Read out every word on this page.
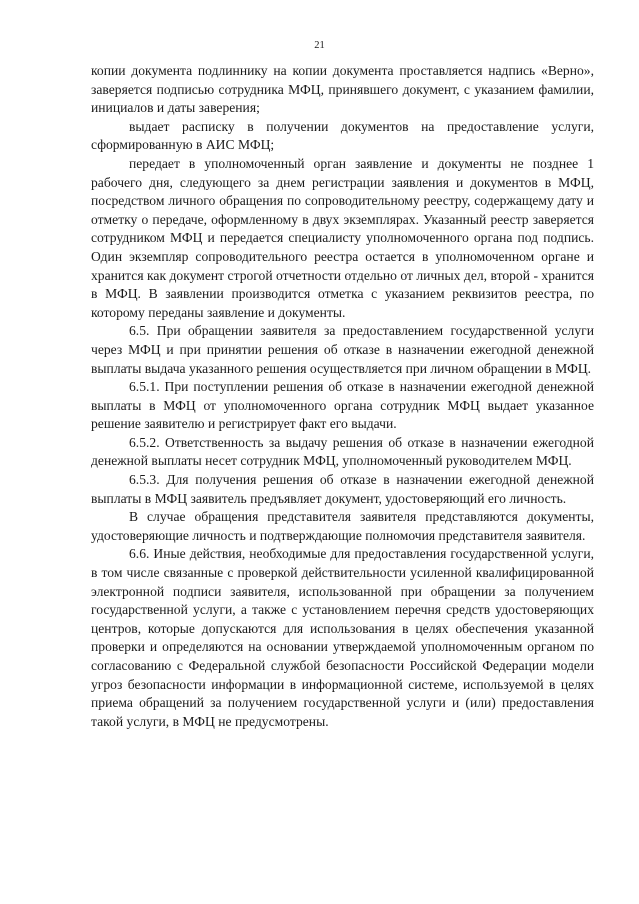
21

копии документа подлиннику на копии документа проставляется надпись «Верно», заверяется подписью сотрудника МФЦ, принявшего документ, с указанием фамилии, инициалов и даты заверения;

выдает расписку в получении документов на предоставление услуги, сформированную в АИС МФЦ;

передает в уполномоченный орган заявление и документы не позднее 1 рабочего дня, следующего за днем регистрации заявления и документов в МФЦ, посредством личного обращения по сопроводительному реестру, содержащему дату и отметку о передаче, оформленному в двух экземплярах. Указанный реестр заверяется сотрудником МФЦ и передается специалисту уполномоченного органа под подпись. Один экземпляр сопроводительного реестра остается в уполномоченном органе и хранится как документ строгой отчетности отдельно от личных дел, второй - хранится в МФЦ. В заявлении производится отметка с указанием реквизитов реестра, по которому переданы заявление и документы.

6.5. При обращении заявителя за предоставлением государственной услуги через МФЦ и при принятии решения об отказе в назначении ежегодной денежной выплаты выдача указанного решения осуществляется при личном обращении в МФЦ.

6.5.1. При поступлении решения об отказе в назначении ежегодной денежной выплаты в МФЦ от уполномоченного органа сотрудник МФЦ выдает указанное решение заявителю и регистрирует факт его выдачи.

6.5.2. Ответственность за выдачу решения об отказе в назначении ежегодной денежной выплаты несет сотрудник МФЦ, уполномоченный руководителем МФЦ.

6.5.3. Для получения решения об отказе в назначении ежегодной денежной выплаты в МФЦ заявитель предъявляет документ, удостоверяющий его личность.

В случае обращения представителя заявителя представляются документы, удостоверяющие личность и подтверждающие полномочия представителя заявителя.

6.6. Иные действия, необходимые для предоставления государственной услуги, в том числе связанные с проверкой действительности усиленной квалифицированной электронной подписи заявителя, использованной при обращении за получением государственной услуги, а также с установлением перечня средств удостоверяющих центров, которые допускаются для использования в целях обеспечения указанной проверки и определяются на основании утверждаемой уполномоченным органом по согласованию с Федеральной службой безопасности Российской Федерации модели угроз безопасности информации в информационной системе, используемой в целях приема обращений за получением государственной услуги и (или) предоставления такой услуги, в МФЦ не предусмотрены.
